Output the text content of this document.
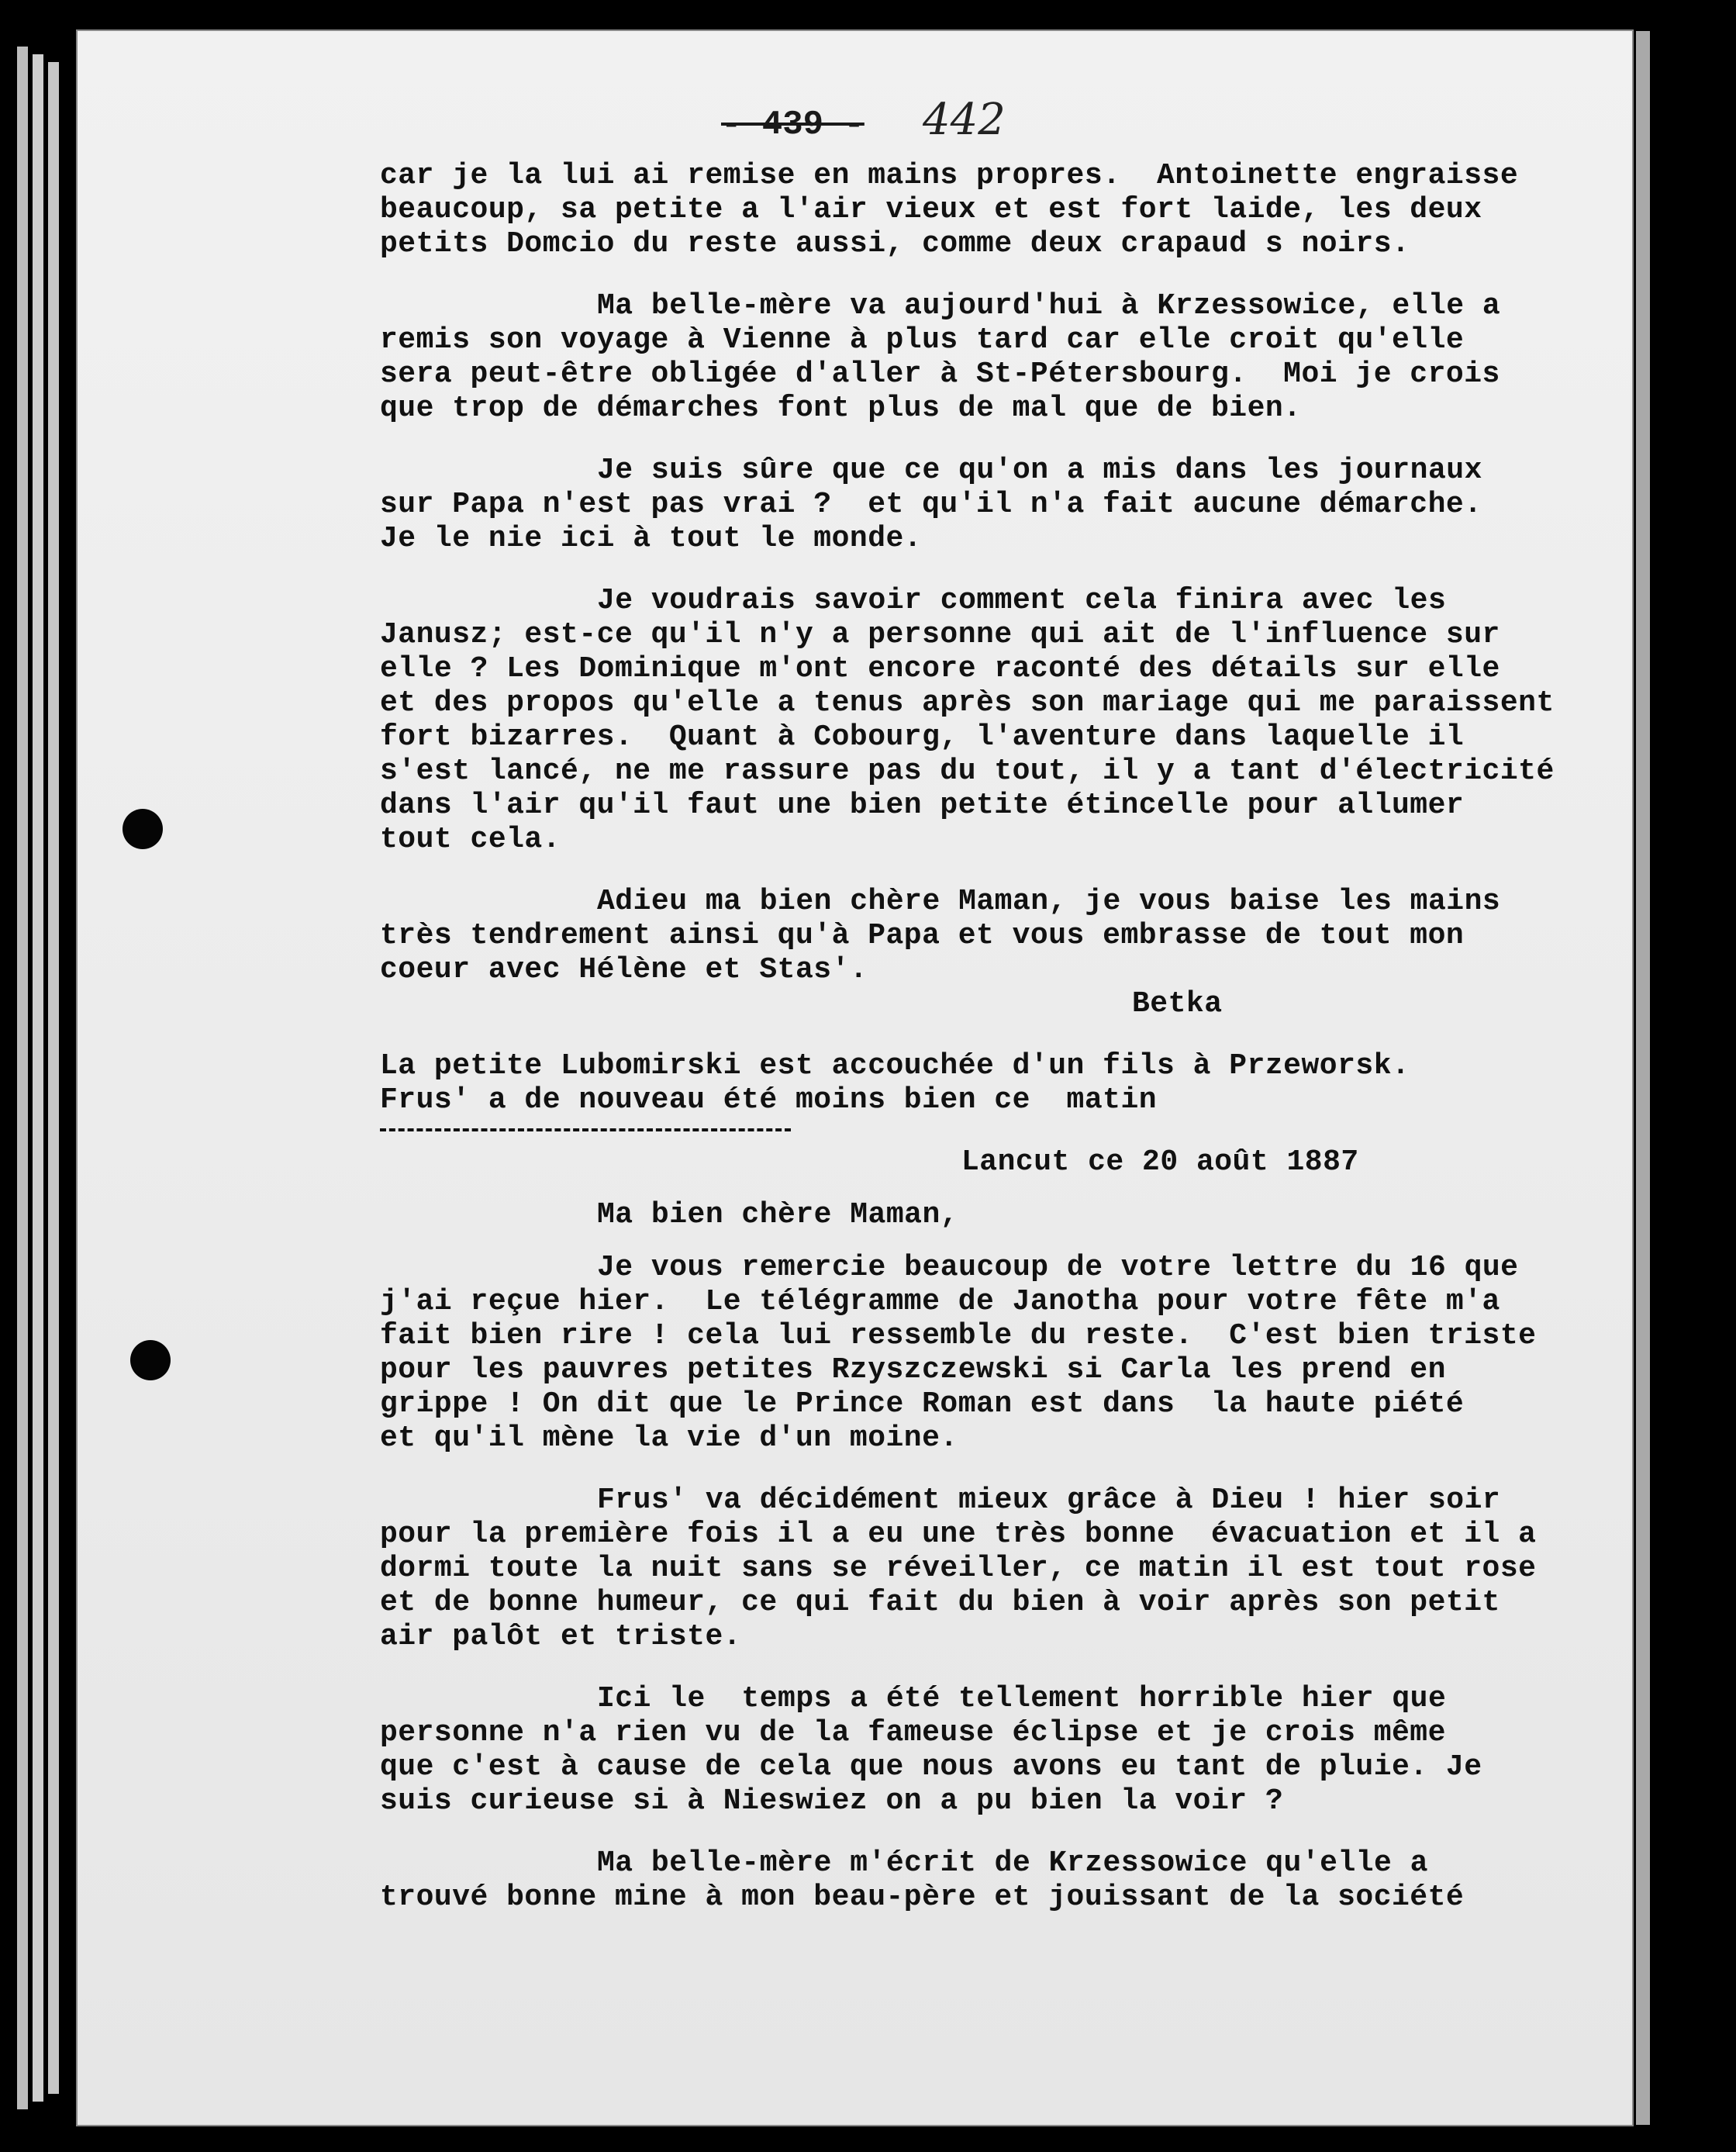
- 439 - 442
car je la lui ai remise en mains propres.  Antoinette engraisse
beaucoup, sa petite a l'air vieux et est fort laide, les deux
petits Domcio du reste aussi, comme deux crapaud s noirs.
Ma belle-mère va aujourd'hui à Krzessowice, elle a
remis son voyage à Vienne à plus tard car elle croit qu'elle
sera peut-être obligée d'aller à St-Pétersbourg.  Moi je crois
que trop de démarches font plus de mal que de bien.
Je suis sûre que ce qu'on a mis dans les journaux
sur Papa n'est pas vrai ?  et qu'il n'a fait aucune démarche.
Je le nie ici à tout le monde.
Je voudrais savoir comment cela finira avec les
Janusz; est-ce qu'il n'y a personne qui ait de l'influence sur
elle ? Les Dominique m'ont encore raconté des détails sur elle
et des propos qu'elle a tenus après son mariage qui me paraissent
fort bizarres.  Quant à Cobourg, l'aventure dans laquelle il
s'est lancé, ne me rassure pas du tout, il y a tant d'électricité
dans l'air qu'il faut une bien petite étincelle pour allumer
tout cela.
Adieu ma bien chère Maman, je vous baise les mains
très tendrement ainsi qu'à Papa et vous embrasse de tout mon
coeur avec Hélène et Stas'.
Betka
La petite Lubomirski est accouchée d'un fils à Przeworsk.
Frus' a de nouveau été moins bien ce  matin
Lancut ce 20 août 1887
Ma bien chère Maman,
Je vous remercie beaucoup de votre lettre du 16 que
j'ai reçue hier.  Le télégramme de Janotha pour votre fête m'a
fait bien rire ! cela lui ressemble du reste.  C'est bien triste
pour les pauvres petites Rzyszczewski si Carla les prend en
grippe ! On dit que le Prince Roman est dans  la haute piété
et qu'il mène la vie d'un moine.
Frus' va décidément mieux grâce à Dieu ! hier soir
pour la première fois il a eu une très bonne  évacuation et il a
dormi toute la nuit sans se réveiller, ce matin il est tout rose
et de bonne humeur, ce qui fait du bien à voir après son petit
air palôt et triste.
Ici le  temps a été tellement horrible hier que
personne n'a rien vu de la fameuse éclipse et je crois même
que c'est à cause de cela que nous avons eu tant de pluie. Je
suis curieuse si à Nieswiez on a pu bien la voir ?
Ma belle-mère m'écrit de Krzessowice qu'elle a
trouvé bonne mine à mon beau-père et jouissant de la société
